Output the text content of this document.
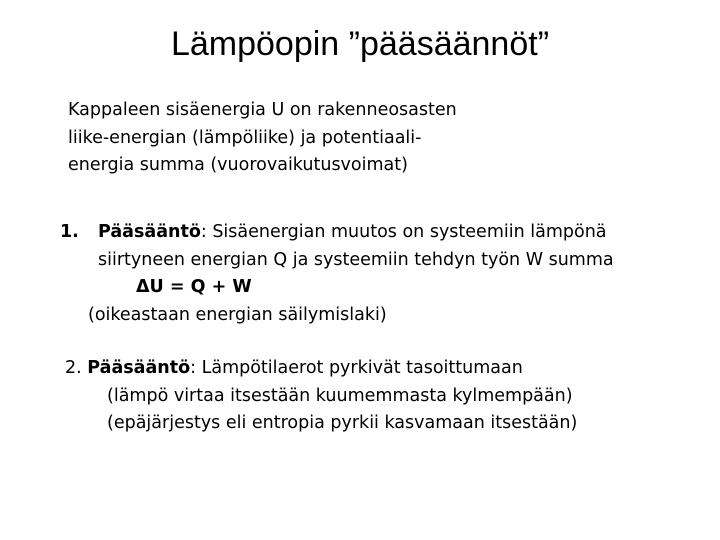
Lämpöopin ”pääsäännöt”
Kappaleen sisäenergia U on rakenneosasten
liike-energian (lämpöliike) ja potentiaali-
energia summa (vuorovaikutusvoimat)
1. Pääsääntö: Sisäenergian muutos on systeemiin lämpönä
siirtyneen energian Q ja systeemiin tehdyn työn W summa
ΔU = Q + W
(oikeastaan energian säilymislaki)
2. Pääsääntö: Lämpötilaerot pyrkivät tasoittumaan
(lämpö virtaa itsestään kuumemmasta kylmempään)
(epäjärjestys eli entropia pyrkii kasvamaan itsestään)
